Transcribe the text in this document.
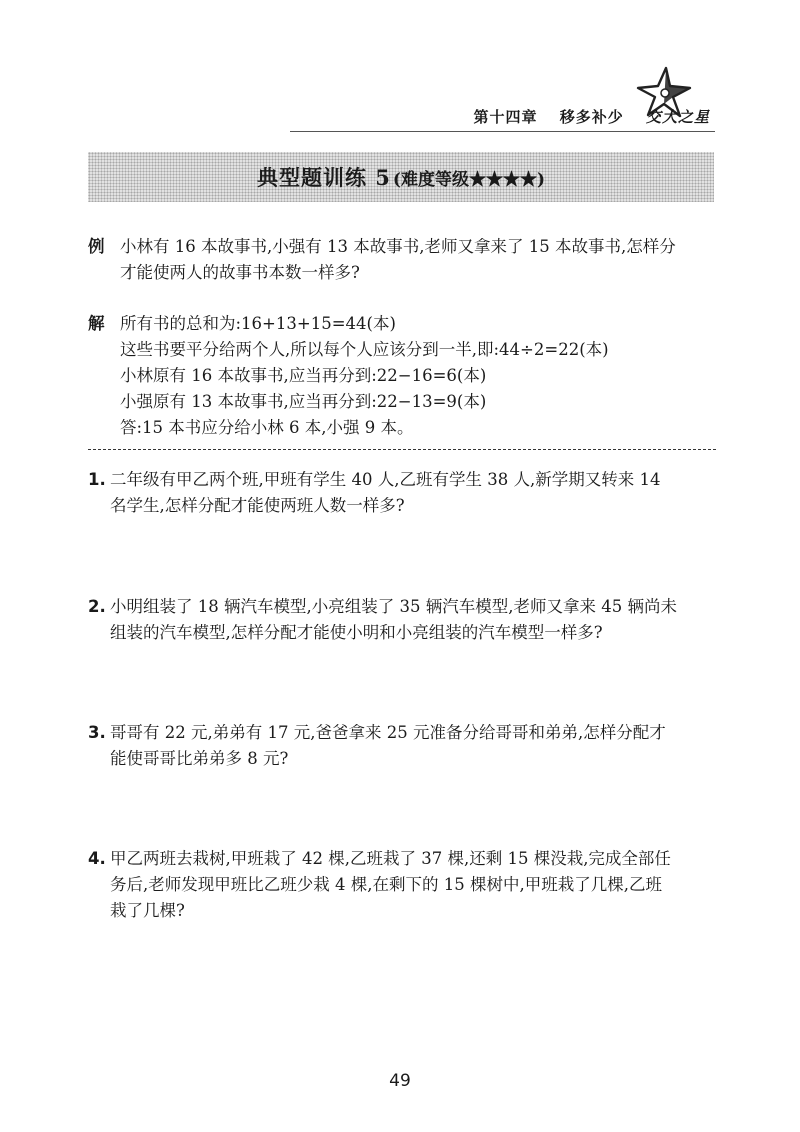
第十四章 移多补少 交大之星
典型题训练 5 (难度等级★★★★)
例 小林有 16 本故事书,小强有 13 本故事书,老师又拿来了 15 本故事书,怎样分

才能使两人的故事书本数一样多?

解 所有书的总和为:16+13+15=44(本)

这些书要平分给两个人,所以每个人应该分到一半,即:44÷2=22(本)

小林原有 16 本故事书,应当再分到:22−16=6(本)

小强原有 13 本故事书,应当再分到:22−13=9(本)

答:15 本书应分给小林 6 本,小强 9 本。

1. 二年级有甲乙两个班,甲班有学生 40 人,乙班有学生 38 人,新学期又转来 14

名学生,怎样分配才能使两班人数一样多?

2. 小明组装了 18 辆汽车模型,小亮组装了 35 辆汽车模型,老师又拿来 45 辆尚未

组装的汽车模型,怎样分配才能使小明和小亮组装的汽车模型一样多?

3. 哥哥有 22 元,弟弟有 17 元,爸爸拿来 25 元准备分给哥哥和弟弟,怎样分配才

能使哥哥比弟弟多 8 元?

4. 甲乙两班去栽树,甲班栽了 42 棵,乙班栽了 37 棵,还剩 15 棵没栽,完成全部任

务后,老师发现甲班比乙班少栽 4 棵,在剩下的 15 棵树中,甲班栽了几棵,乙班

栽了几棵?

49
